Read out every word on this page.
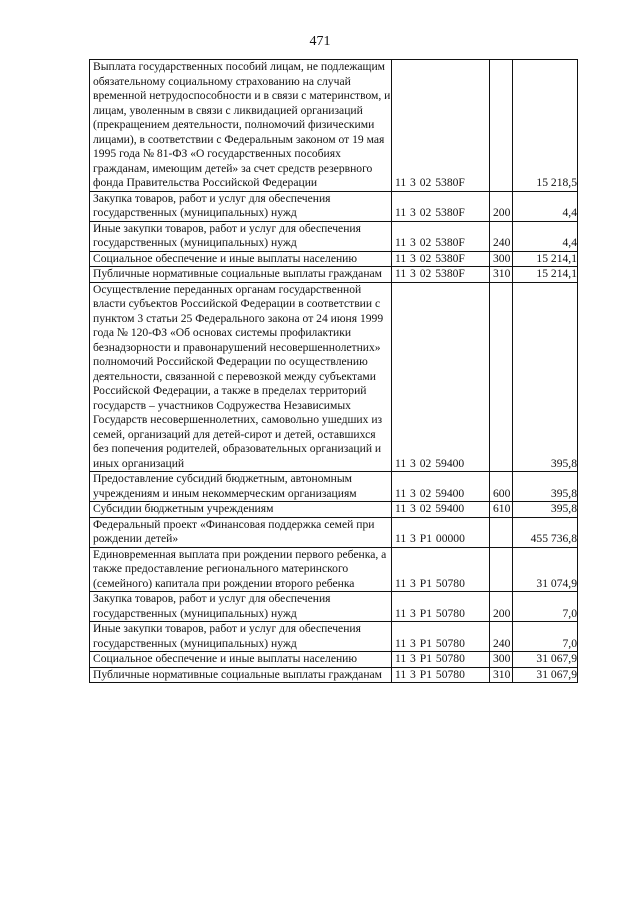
471
Выплата государственных пособий лицам, не подлежащим обязательному социальному страхованию на случай временной нетрудоспособности и в связи с материнством, и лицам, уволенным в связи с ликвидацией организаций (прекращением деятельности, полномочий физическими лицами), в соответствии с Федеральным законом от 19 мая 1995 года № 81-ФЗ «О государственных пособиях гражданам, имеющим детей» за счет средств резервного фонда Правительства Российской Федерации	11 3 02 5380F		15 218,5
Закупка товаров, работ и услуг для обеспечения государственных (муниципальных) нужд	11 3 02 5380F	200	4,4
Иные закупки товаров, работ и услуг для обеспечения государственных (муниципальных) нужд	11 3 02 5380F	240	4,4
Социальное обеспечение и иные выплаты населению	11 3 02 5380F	300	15 214,1
Публичные нормативные социальные выплаты гражданам	11 3 02 5380F	310	15 214,1
Осуществление переданных органам государственной власти субъектов Российской Федерации в соответствии с пунктом 3 статьи 25 Федерального закона от 24 июня 1999 года № 120-ФЗ «Об основах системы профилактики безнадзорности и правонарушений несовершеннолетних» полномочий Российской Федерации по осуществлению деятельности, связанной с перевозкой между субъектами Российской Федерации, а также в пределах территорий государств – участников Содружества Независимых Государств несовершеннолетних, самовольно ушедших из семей, организаций для детей-сирот и детей, оставшихся без попечения родителей, образовательных организаций и иных организаций	11 3 02 59400		395,8
Предоставление субсидий бюджетным, автономным учреждениям и иным некоммерческим организациям	11 3 02 59400	600	395,8
Субсидии бюджетным учреждениям	11 3 02 59400	610	395,8
Федеральный проект «Финансовая поддержка семей при рождении детей»	11 3 P1 00000		455 736,8
Единовременная выплата при рождении первого ребенка, а также предоставление регионального материнского (семейного) капитала при рождении второго ребенка	11 3 P1 50780		31 074,9
Закупка товаров, работ и услуг для обеспечения государственных (муниципальных) нужд	11 3 P1 50780	200	7,0
Иные закупки товаров, работ и услуг для обеспечения государственных (муниципальных) нужд	11 3 P1 50780	240	7,0
Социальное обеспечение и иные выплаты населению	11 3 P1 50780	300	31 067,9
Публичные нормативные социальные выплаты гражданам	11 3 P1 50780	310	31 067,9
